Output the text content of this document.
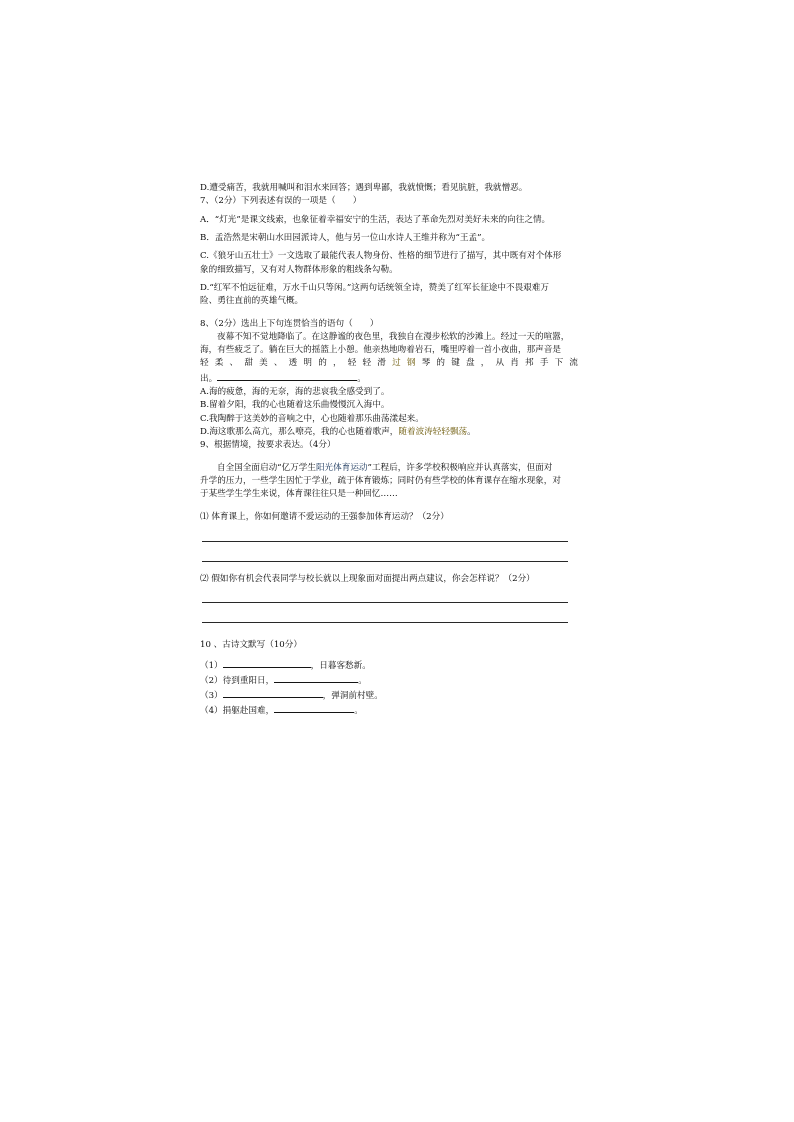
D.遭受痛苦，我就用喊叫和泪水来回答；遇到卑鄙，我就愤慨；看见肮脏，我就憎恶。

7、（2分）下列表述有误的一项是（　　）

A．“灯光”是课文线索，也象征着幸福安宁的生活，表达了革命先烈对美好未来的向往之情。

B．孟浩然是宋朝山水田园派诗人，他与另一位山水诗人王维并称为“王孟”。

C.《狼牙山五壮士》一文选取了最能代表人物身份、性格的细节进行了描写，其中既有对个体形

象的细致描写，又有对人物群体形象的粗线条勾勒。

D.“红军不怕远征难，万水千山只等闲。”这两句话统领全诗，赞美了红军长征途中不畏艰难万

险、勇往直前的英雄气概。

8、（2分）选出上下句连贯恰当的语句（　　）

夜幕不知不觉地降临了。在这静谧的夜色里，我独自在漫步松软的沙滩上。经过一天的喧嚣，

海，有些疲乏了。躺在巨大的摇篮上小憩。他亲热地吻着岩石，嘴里哼着一首小夜曲，那声音是

轻柔、甜美、透明的，轻轻滑过钢琴的键盘，从肖邦手下流

出。	。

A.海的疲惫，海的无奈，海的悲哀我全感受到了。

B.留着夕阳，我的心也随着这乐曲慢慢沉入海中。

C.我陶醉于这美妙的音响之中，心也随着那乐曲荡漾起来。

D.海这歌那么高亢，那么嘹亮，我的心也随着歌声，随着波涛轻轻飘荡。

9、根据情境，按要求表达。（4分）

自全国全面启动“亿万学生阳光体育运动”工程后，许多学校积极响应并认真落实，但面对

升学的压力，一些学生因忙于学业，疏于体育锻炼；同时仍有些学校的体育课存在缩水现象，对

于某些学生学生来说，体育课往往只是一种回忆……

⑴ 体育课上，你如何邀请不爱运动的王强参加体育运动？（2分）

⑵ 假如你有机会代表同学与校长就以上现象面对面提出两点建议，你会怎样说？（2分）

10 、古诗文默写（10分）

（1）	，日暮客愁新。

（2）待到重阳日，	。

（3）	，弹洞前村壁。

（4）捐躯赴国难，	。
